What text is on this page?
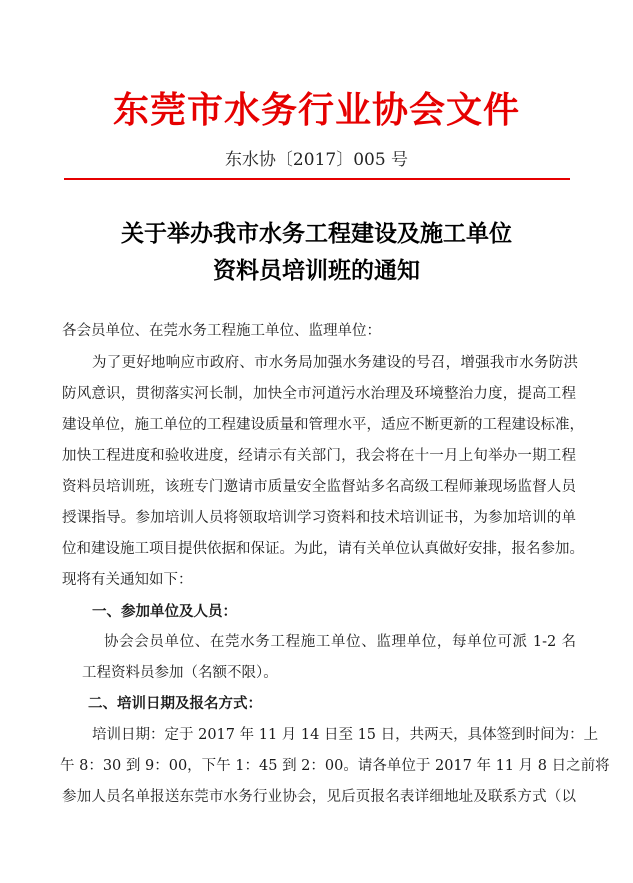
东莞市水务行业协会文件
东水协〔2017〕005 号
关于举办我市水务工程建设及施工单位
资料员培训班的通知
各会员单位、在莞水务工程施工单位、监理单位：
为了更好地响应市政府、市水务局加强水务建设的号召，增强我市水务防洪
防风意识，贯彻落实河长制，加快全市河道污水治理及环境整治力度，提高工程
建设单位，施工单位的工程建设质量和管理水平，适应不断更新的工程建设标准，
加快工程进度和验收进度，经请示有关部门，我会将在十一月上旬举办一期工程
资料员培训班，该班专门邀请市质量安全监督站多名高级工程师兼现场监督人员
授课指导。参加培训人员将领取培训学习资料和技术培训证书，为参加培训的单
位和建设施工项目提供依据和保证。为此，请有关单位认真做好安排，报名参加。
现将有关通知如下：
一、参加单位及人员：
协会会员单位、在莞水务工程施工单位、监理单位，每单位可派 1-2 名
工程资料员参加（名额不限）。
二、培训日期及报名方式：
培训日期：定于 2017 年 11 月 14 日至 15 日，共两天，具体签到时间为：上
午 8：30 到 9：00，下午 1：45 到 2：00。请各单位于 2017 年 11 月 8 日之前将
参加人员名单报送东莞市水务行业协会，见后页报名表详细地址及联系方式（以
